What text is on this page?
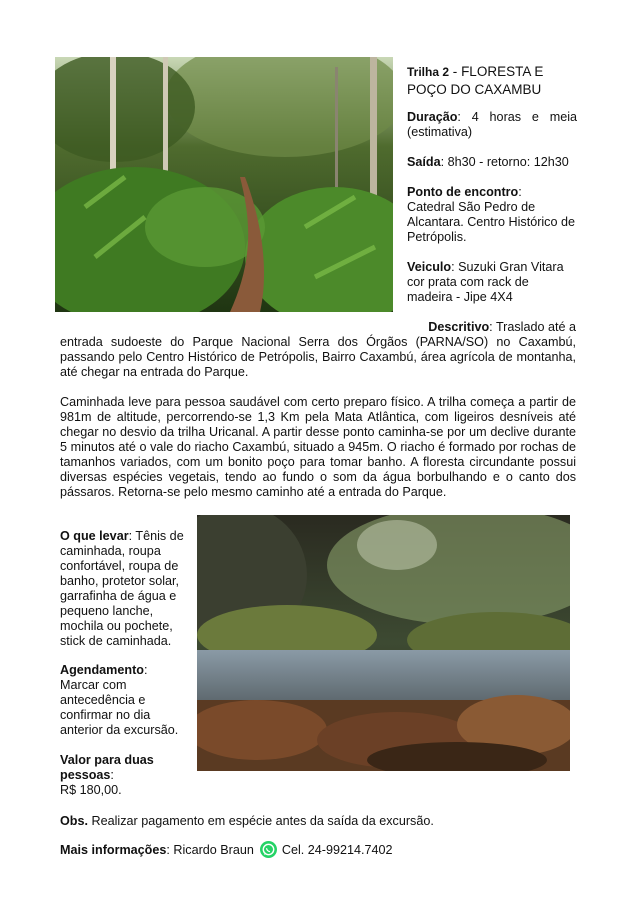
Trilha 2 - FLORESTA E POÇO DO CAXAMBU
Duração: 4 horas e meia (estimativa)
Saída: 8h30 - retorno: 12h30
Ponto de encontro:
Catedral São Pedro de Alcantara. Centro Histórico de Petrópolis.
Veiculo: Suzuki Gran Vitara cor prata com rack de madeira - Jipe 4X4
Descritivo: Traslado até a
entrada sudoeste do Parque Nacional Serra dos Órgãos (PARNA/SO) no Caxambú, passando pelo Centro Histórico de Petrópolis, Bairro Caxambú, área agrícola de montanha, até chegar na entrada do Parque.
Caminhada leve para pessoa saudável com certo preparo físico. A trilha começa a partir de 981m de altitude, percorrendo-se 1,3 Km pela Mata Atlântica, com ligeiros desníveis até chegar no desvio da trilha Uricanal. A partir desse ponto caminha-se por um declive durante 5 minutos até o vale do riacho Caxambú, situado a 945m. O riacho é formado por rochas de tamanhos variados, com um bonito poço para tomar banho. A floresta circundante possui diversas espécies vegetais, tendo ao fundo o som da água borbulhando e o canto dos pássaros. Retorna-se pelo mesmo caminho até a entrada do Parque.
O que levar: Tênis de caminhada, roupa confortável, roupa de banho, protetor solar, garrafinha de água e pequeno lanche, mochila ou pochete, stick de caminhada.
Agendamento:
Marcar com antecedência e confirmar no dia anterior da excursão.
Valor para duas pessoas:
R$ 180,00.
Obs. Realizar pagamento em espécie antes da saída da excursão.
Mais informações: Ricardo Braun Cel. 24-99214.7402
